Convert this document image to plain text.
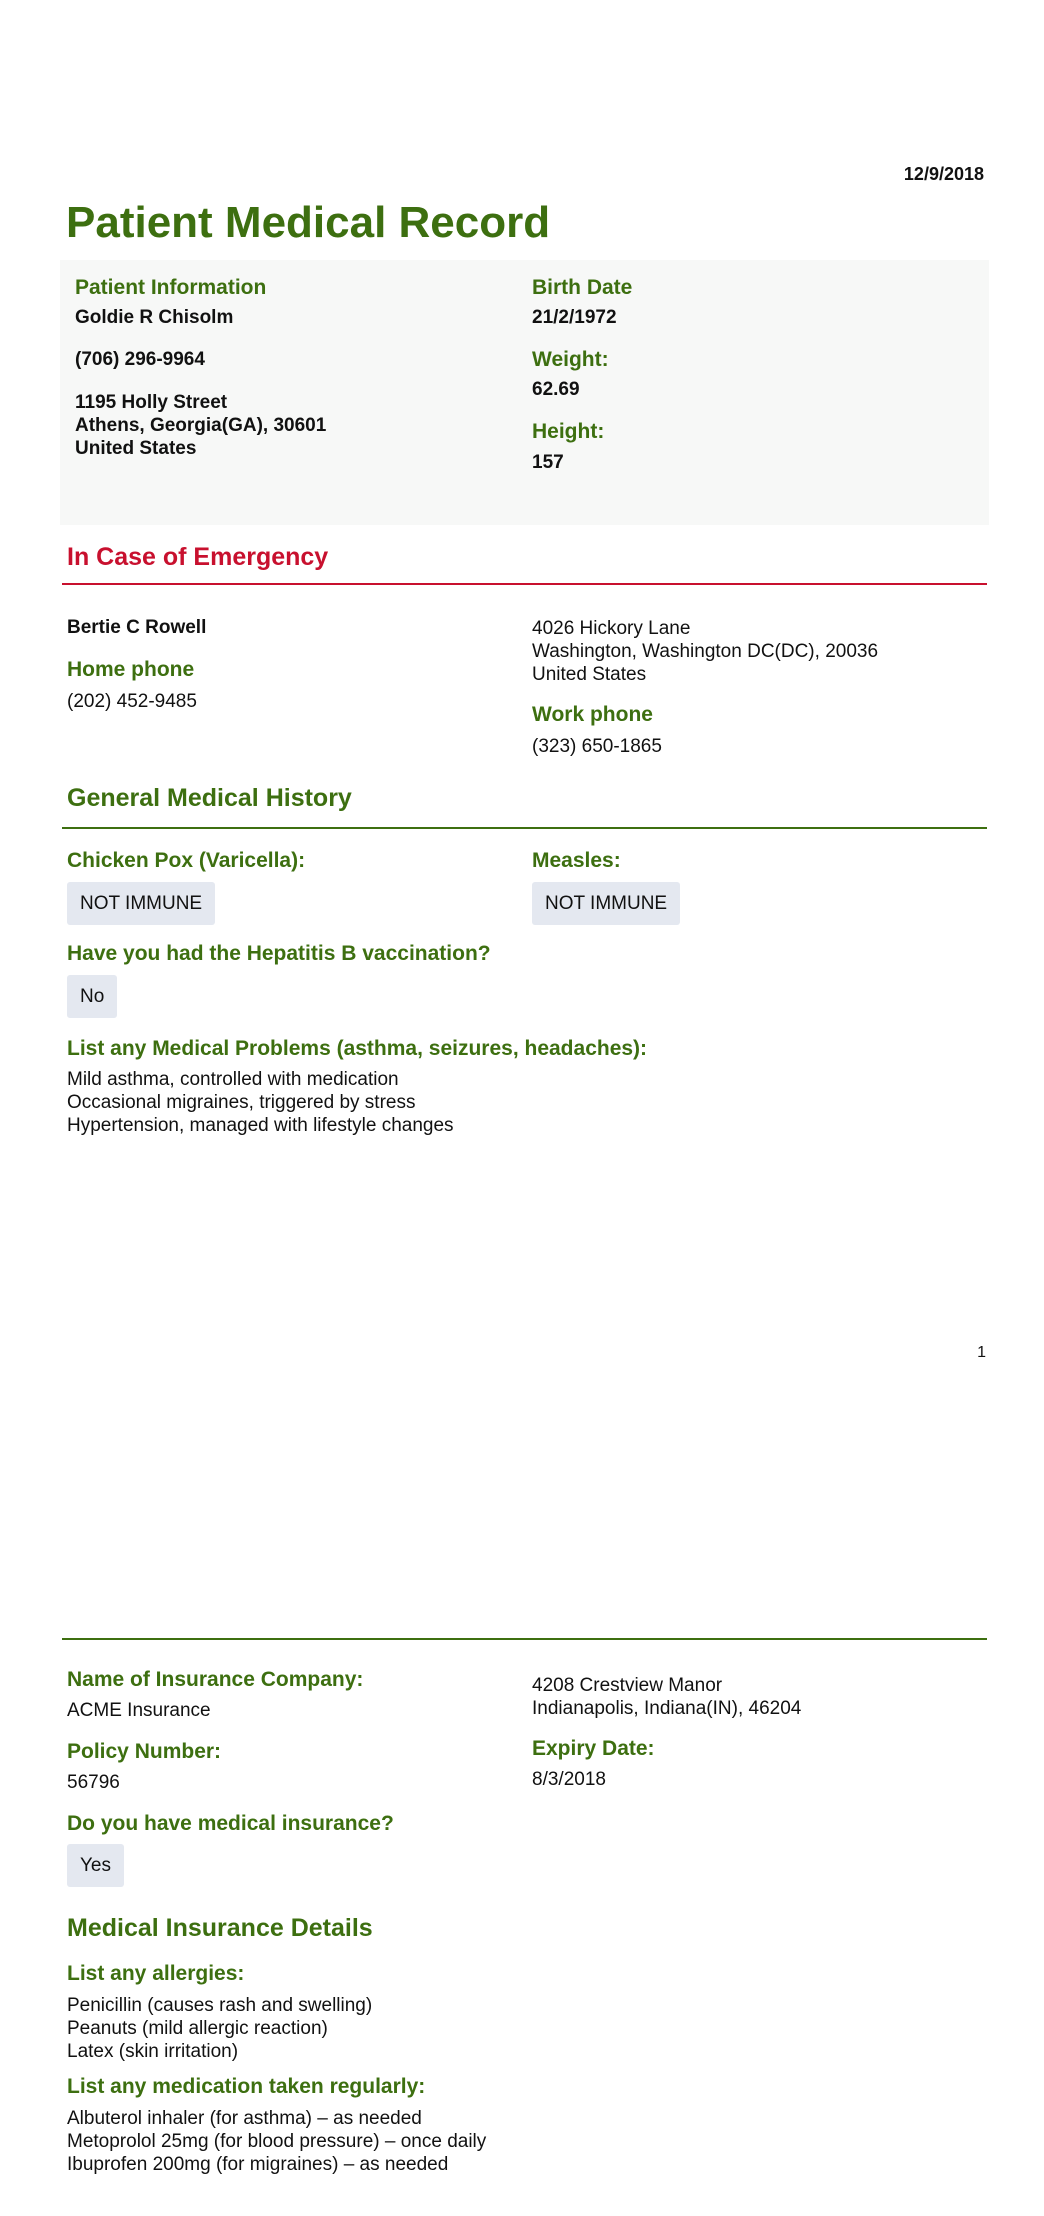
12/9/2018
Patient Medical Record
Patient Information
Goldie R Chisolm
(706) 296-9964
1195 Holly Street
Athens, Georgia(GA), 30601
United States
Birth Date
21/2/1972
Weight:
62.69
Height:
157
In Case of Emergency
Bertie C Rowell
Home phone
(202) 452-9485
4026 Hickory Lane
Washington, Washington DC(DC), 20036
United States
Work phone
(323) 650-1865
General Medical History
Chicken Pox (Varicella):
NOT IMMUNE
Measles:
NOT IMMUNE
Have you had the Hepatitis B vaccination?
No
List any Medical Problems (asthma, seizures, headaches):
Mild asthma, controlled with medication
Occasional migraines, triggered by stress
Hypertension, managed with lifestyle changes
1
Name of Insurance Company:
ACME Insurance
4208 Crestview Manor
Indianapolis, Indiana(IN), 46204
Policy Number:
56796
Expiry Date:
8/3/2018
Do you have medical insurance?
Yes
Medical Insurance Details
List any allergies:
Penicillin (causes rash and swelling)
Peanuts (mild allergic reaction)
Latex (skin irritation)
List any medication taken regularly:
Albuterol inhaler (for asthma) – as needed
Metoprolol 25mg (for blood pressure) – once daily
Ibuprofen 200mg (for migraines) – as needed
